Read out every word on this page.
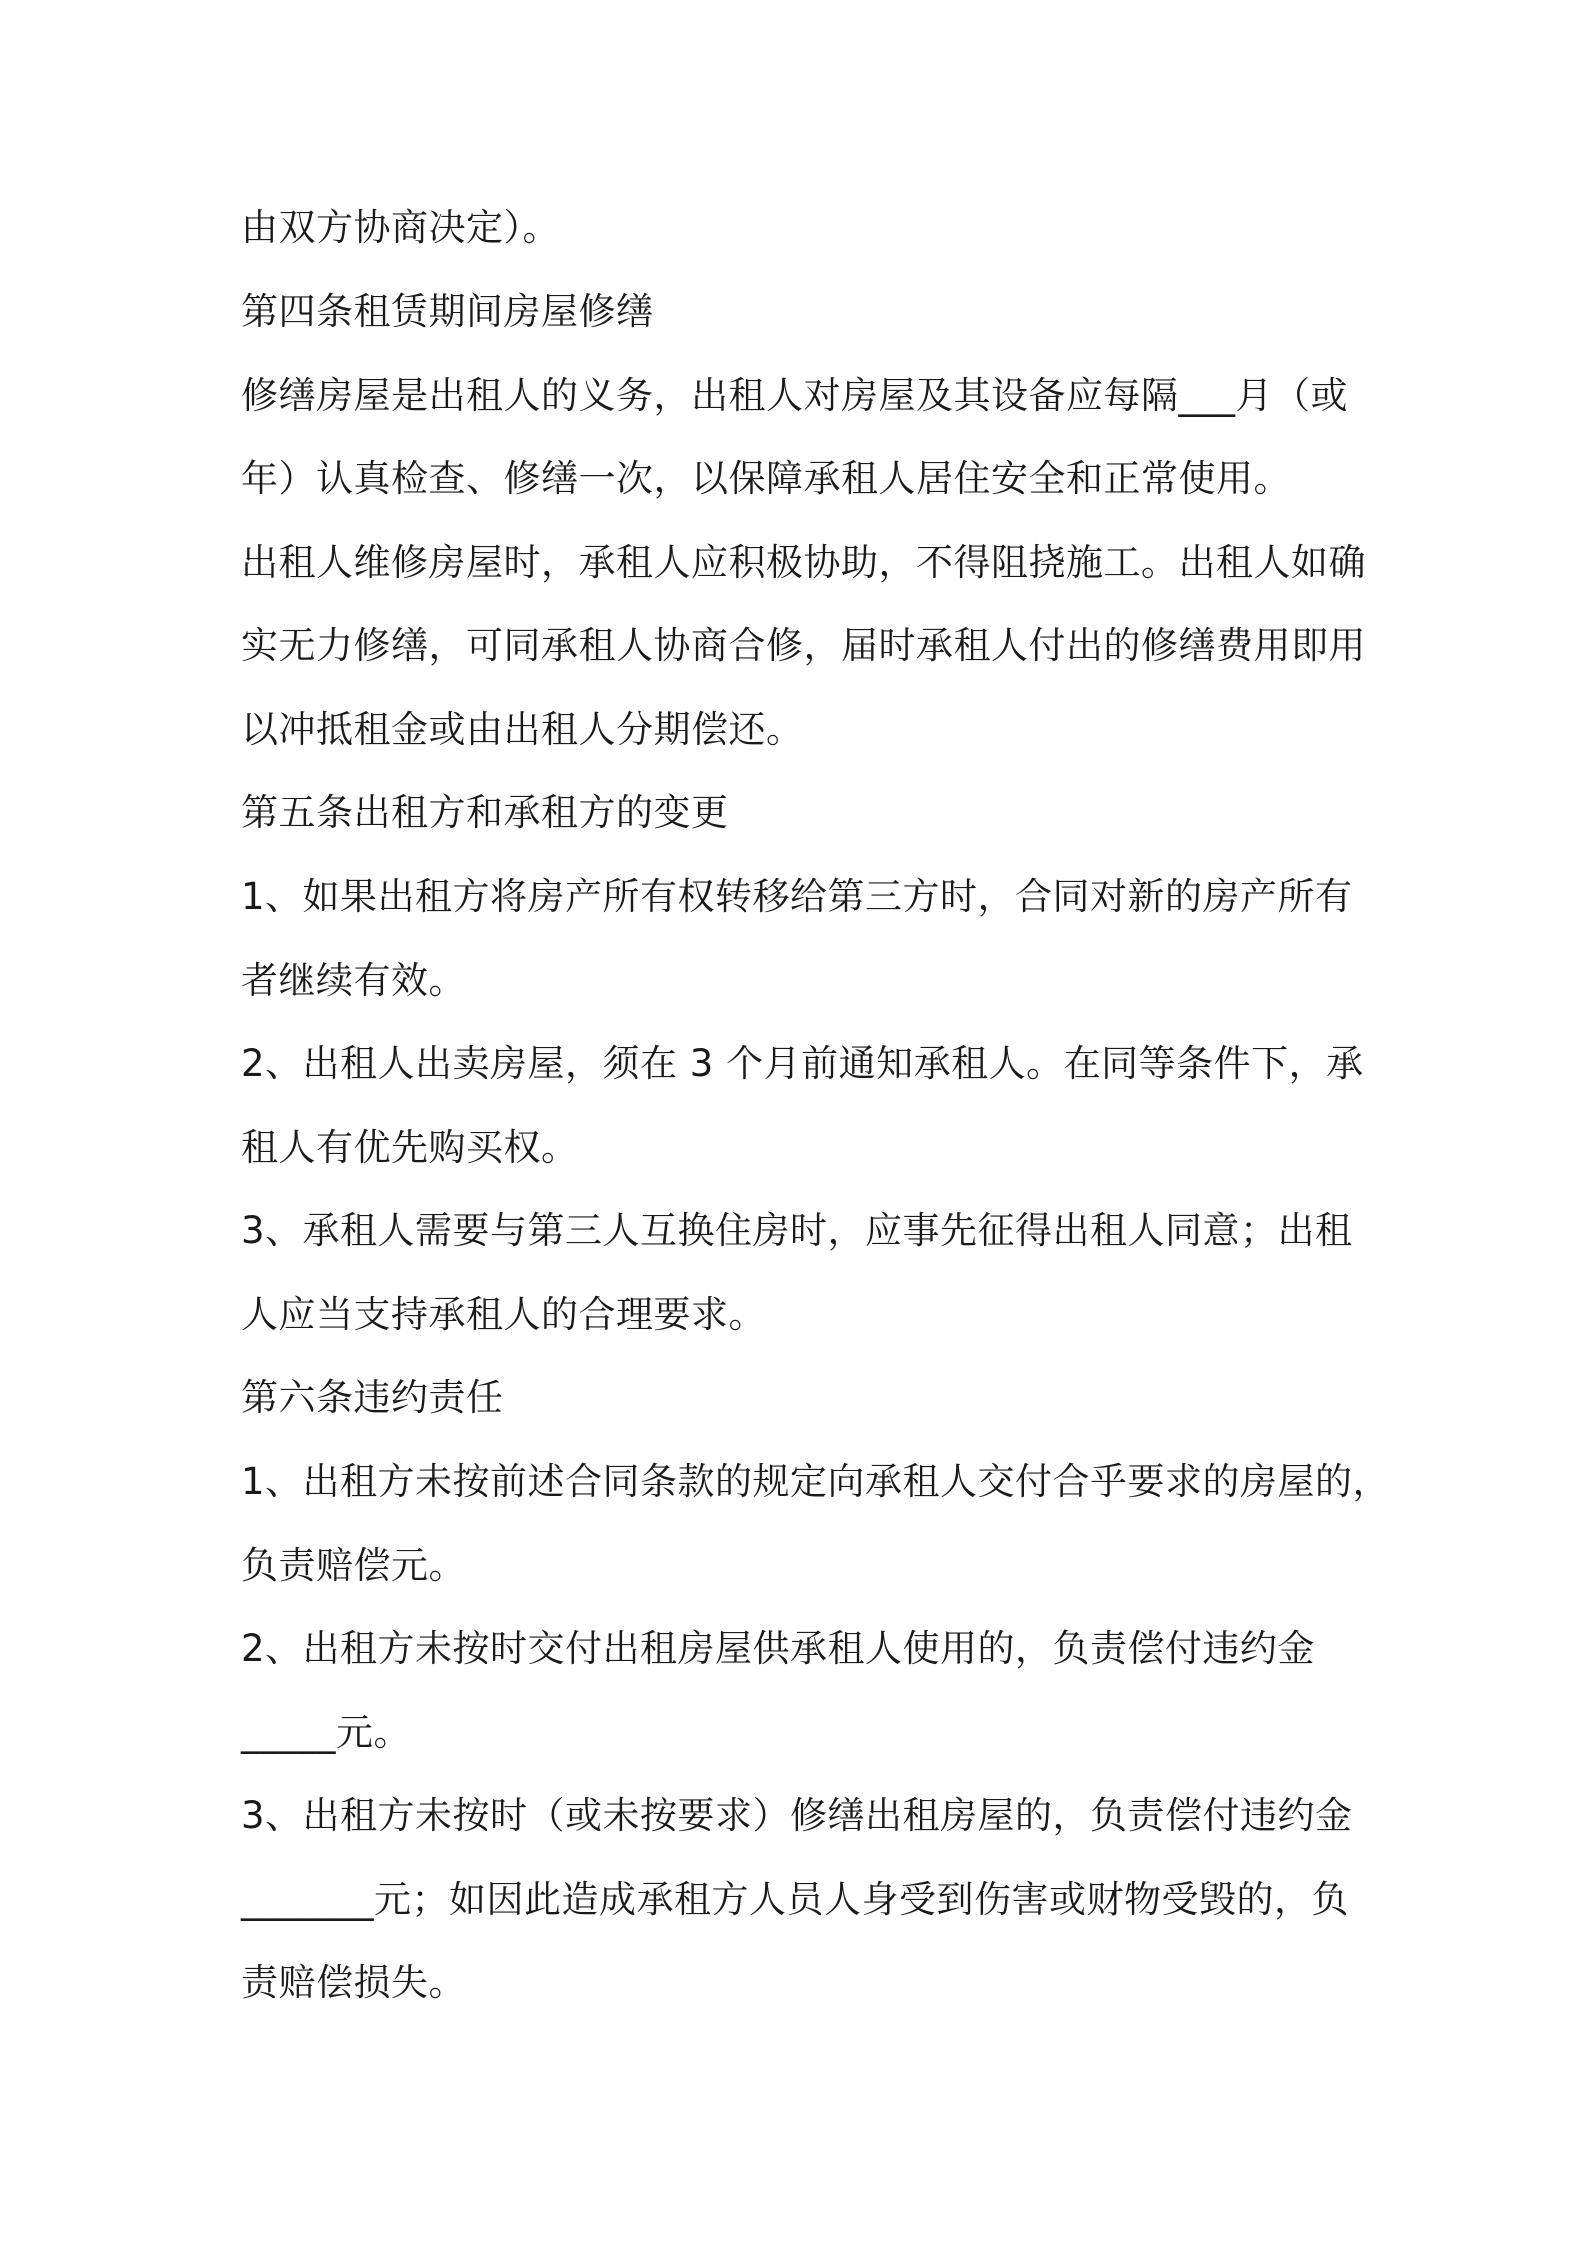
由双方协商决定）。
第四条租赁期间房屋修缮
修缮房屋是出租人的义务，出租人对房屋及其设备应每隔___月（或
年）认真检查、修缮一次，以保障承租人居住安全和正常使用。
出租人维修房屋时，承租人应积极协助，不得阻挠施工。出租人如确
实无力修缮，可同承租人协商合修，届时承租人付出的修缮费用即用
以冲抵租金或由出租人分期偿还。
第五条出租方和承租方的变更
1、如果出租方将房产所有权转移给第三方时，合同对新的房产所有
者继续有效。
2、出租人出卖房屋，须在 3 个月前通知承租人。在同等条件下，承
租人有优先购买权。
3、承租人需要与第三人互换住房时，应事先征得出租人同意；出租
人应当支持承租人的合理要求。
第六条违约责任
1、出租方未按前述合同条款的规定向承租人交付合乎要求的房屋的，
负责赔偿元。
2、出租方未按时交付出租房屋供承租人使用的，负责偿付违约金
_____元。
3、出租方未按时（或未按要求）修缮出租房屋的，负责偿付违约金
_______元；如因此造成承租方人员人身受到伤害或财物受毁的，负
责赔偿损失。
